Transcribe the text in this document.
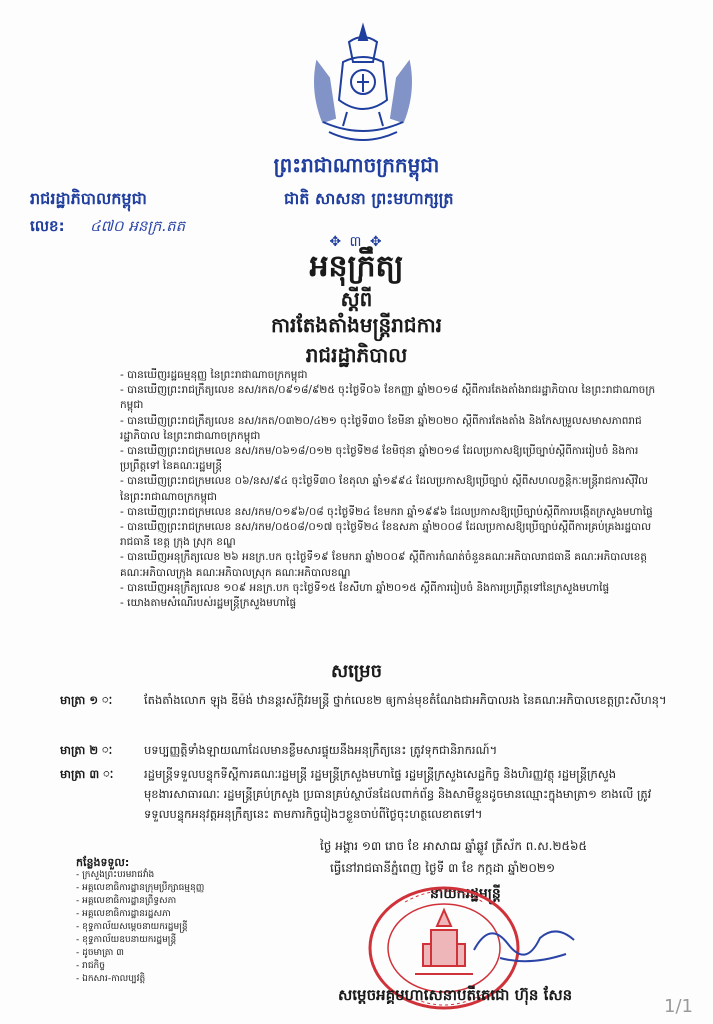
ព្រះរាជាណាចក្រកម្ពុជា
រាជរដ្ឋាភិបាលកម្ពុជា	ជាតិ សាសនា ព្រះមហាក្សត្រ
លេខ: ៤៧០ អនក្រ.តត
✥ ៣ ✥
អនុក្រឹត្យ
ស្តីពី
ការតែងតាំងមន្ត្រីរាជការ
រាជរដ្ឋាភិបាល
- បានឃើញរដ្ឋធម្មនុញ្ញ នៃព្រះរាជាណាចក្រកម្ពុជា
- បានឃើញព្រះរាជក្រឹត្យលេខ នស/រកត/០៩១៨/៩២៥ ចុះថ្ងៃទី០៦ ខែកញ្ញា ឆ្នាំ២០១៨ ស្តីពីការតែងតាំងរាជរដ្ឋាភិបាល នៃព្រះរាជាណាចក្រកម្ពុជា
- បានឃើញព្រះរាជក្រឹត្យលេខ នស/រកត/០៣២០/៤២១ ចុះថ្ងៃទី៣០ ខែមីនា ឆ្នាំ២០២០ ស្តីពីការតែងតាំង និងកែសម្រួលសមាសភាពរាជរដ្ឋាភិបាល នៃព្រះរាជាណាចក្រកម្ពុជា
- បានឃើញព្រះរាជក្រមលេខ នស/រកម/០៦១៨/០១២ ចុះថ្ងៃទី២៨ ខែមិថុនា ឆ្នាំ២០១៨ ដែលប្រកាសឱ្យប្រើច្បាប់ស្តីពីការរៀបចំ និងការប្រព្រឹត្តទៅ នៃគណៈរដ្ឋមន្ត្រី
- បានឃើញព្រះរាជក្រមលេខ ០៦/នស/៩៤ ចុះថ្ងៃទី៣០ ខែតុលា ឆ្នាំ១៩៩៤ ដែលប្រកាសឱ្យប្រើច្បាប់ ស្តីពីសហលក្ខន្តិកៈមន្ត្រីរាជការស៊ីវិល នៃព្រះរាជាណាចក្រកម្ពុជា
- បានឃើញព្រះរាជក្រមលេខ នស/រកម/០១៩៦/០៨ ចុះថ្ងៃទី២៤ ខែមករា ឆ្នាំ១៩៩៦ ដែលប្រកាសឱ្យប្រើច្បាប់ស្តីពីការបង្កើតក្រសួងមហាផ្ទៃ
- បានឃើញព្រះរាជក្រមលេខ នស/រកម/០៥០៨/០១៧ ចុះថ្ងៃទី២៤ ខែឧសភា ឆ្នាំ២០០៨ ដែលប្រកាសឱ្យប្រើច្បាប់ស្តីពីការគ្រប់គ្រងរដ្ឋបាលរាជធានី ខេត្ត ក្រុង ស្រុក ខណ្ឌ
- បានឃើញអនុក្រឹត្យលេខ ២៦ អនក្រ.បក ចុះថ្ងៃទី១៩ ខែមករា ឆ្នាំ២០០៩ ស្តីពីការកំណត់ចំនួនគណៈអភិបាលរាជធានី គណៈអភិបាលខេត្ត គណៈអភិបាលក្រុង គណៈអភិបាលស្រុក គណៈអភិបាលខណ្ឌ
- បានឃើញអនុក្រឹត្យលេខ ១០៩ អនក្រ.បក ចុះថ្ងៃទី១៥ ខែសីហា ឆ្នាំ២០១៥ ស្តីពីការរៀបចំ និងការប្រព្រឹត្តទៅនៃក្រសួងមហាផ្ទៃ
- យោងតាមសំណើរបស់រដ្ឋមន្ត្រីក្រសួងមហាផ្ទៃ
សម្រេច
មាត្រា ១ ៈ	តែងតាំងលោក ឡុង ឌីម៉ង់ ឋានន្តរស័ក្តិវរមន្ត្រី ថ្នាក់លេខ២ ឲ្យកាន់មុខតំណែងជាអភិបាលរង នៃគណៈអភិបាលខេត្តព្រះសីហនុ។
មាត្រា ២ ៈ	បទប្បញ្ញត្តិទាំងឡាយណាដែលមានខ្លឹមសារផ្ទុយនឹងអនុក្រឹត្យនេះ ត្រូវទុកជានិរាករណ៍។
មាត្រា ៣ ៈ	រដ្ឋមន្ត្រីទទួលបន្ទុកទីស្តីការគណៈរដ្ឋមន្ត្រី រដ្ឋមន្ត្រីក្រសួងមហាផ្ទៃ រដ្ឋមន្ត្រីក្រសួងសេដ្ឋកិច្ច និងហិរញ្ញវត្ថុ រដ្ឋមន្ត្រីក្រសួងមុខងារសាធារណៈ រដ្ឋមន្ត្រីគ្រប់ក្រសួង ប្រធានគ្រប់ស្ថាប័នដែលពាក់ព័ន្ធ និងសាមីខ្លួនដូចមានឈ្មោះក្នុងមាត្រា១ ខាងលើ ត្រូវទទួលបន្ទុកអនុវត្តអនុក្រឹត្យនេះ តាមភារកិច្ចរៀងៗខ្លួនចាប់ពីថ្ងៃចុះហត្ថលេខាតទៅ។
ថ្ងៃ អង្គារ ១៣ រោច ខែ អាសាឍ ឆ្នាំឆ្លូវ ត្រីស័ក ព.ស.២៥៦៥
ធ្វើនៅរាជធានីភ្នំពេញ ថ្ងៃទី ៣ ខែ កក្កដា ឆ្នាំ២០២១
នាយករដ្ឋមន្ត្រី
កន្លែងទទួល:
- ក្រសួងព្រះបរមរាជវាំង
- អគ្គលេខាធិការដ្ឋានក្រុមប្រឹក្សាធម្មនុញ្ញ
- អគ្គលេខាធិការដ្ឋានព្រឹទ្ធសភា
- អគ្គលេខាធិការដ្ឋានរដ្ឋសភា
- ខុទ្ទកាល័យសម្តេចនាយករដ្ឋមន្ត្រី
- ខុទ្ទកាល័យឧបនាយករដ្ឋមន្ត្រី
- ដូចមាត្រា ៣
- រាជកិច្ច
- ឯកសារ-កាលប្បវត្តិ
សម្តេចអគ្គមហាសេនាបតីតេជោ ហ៊ុន សែន
1/1
